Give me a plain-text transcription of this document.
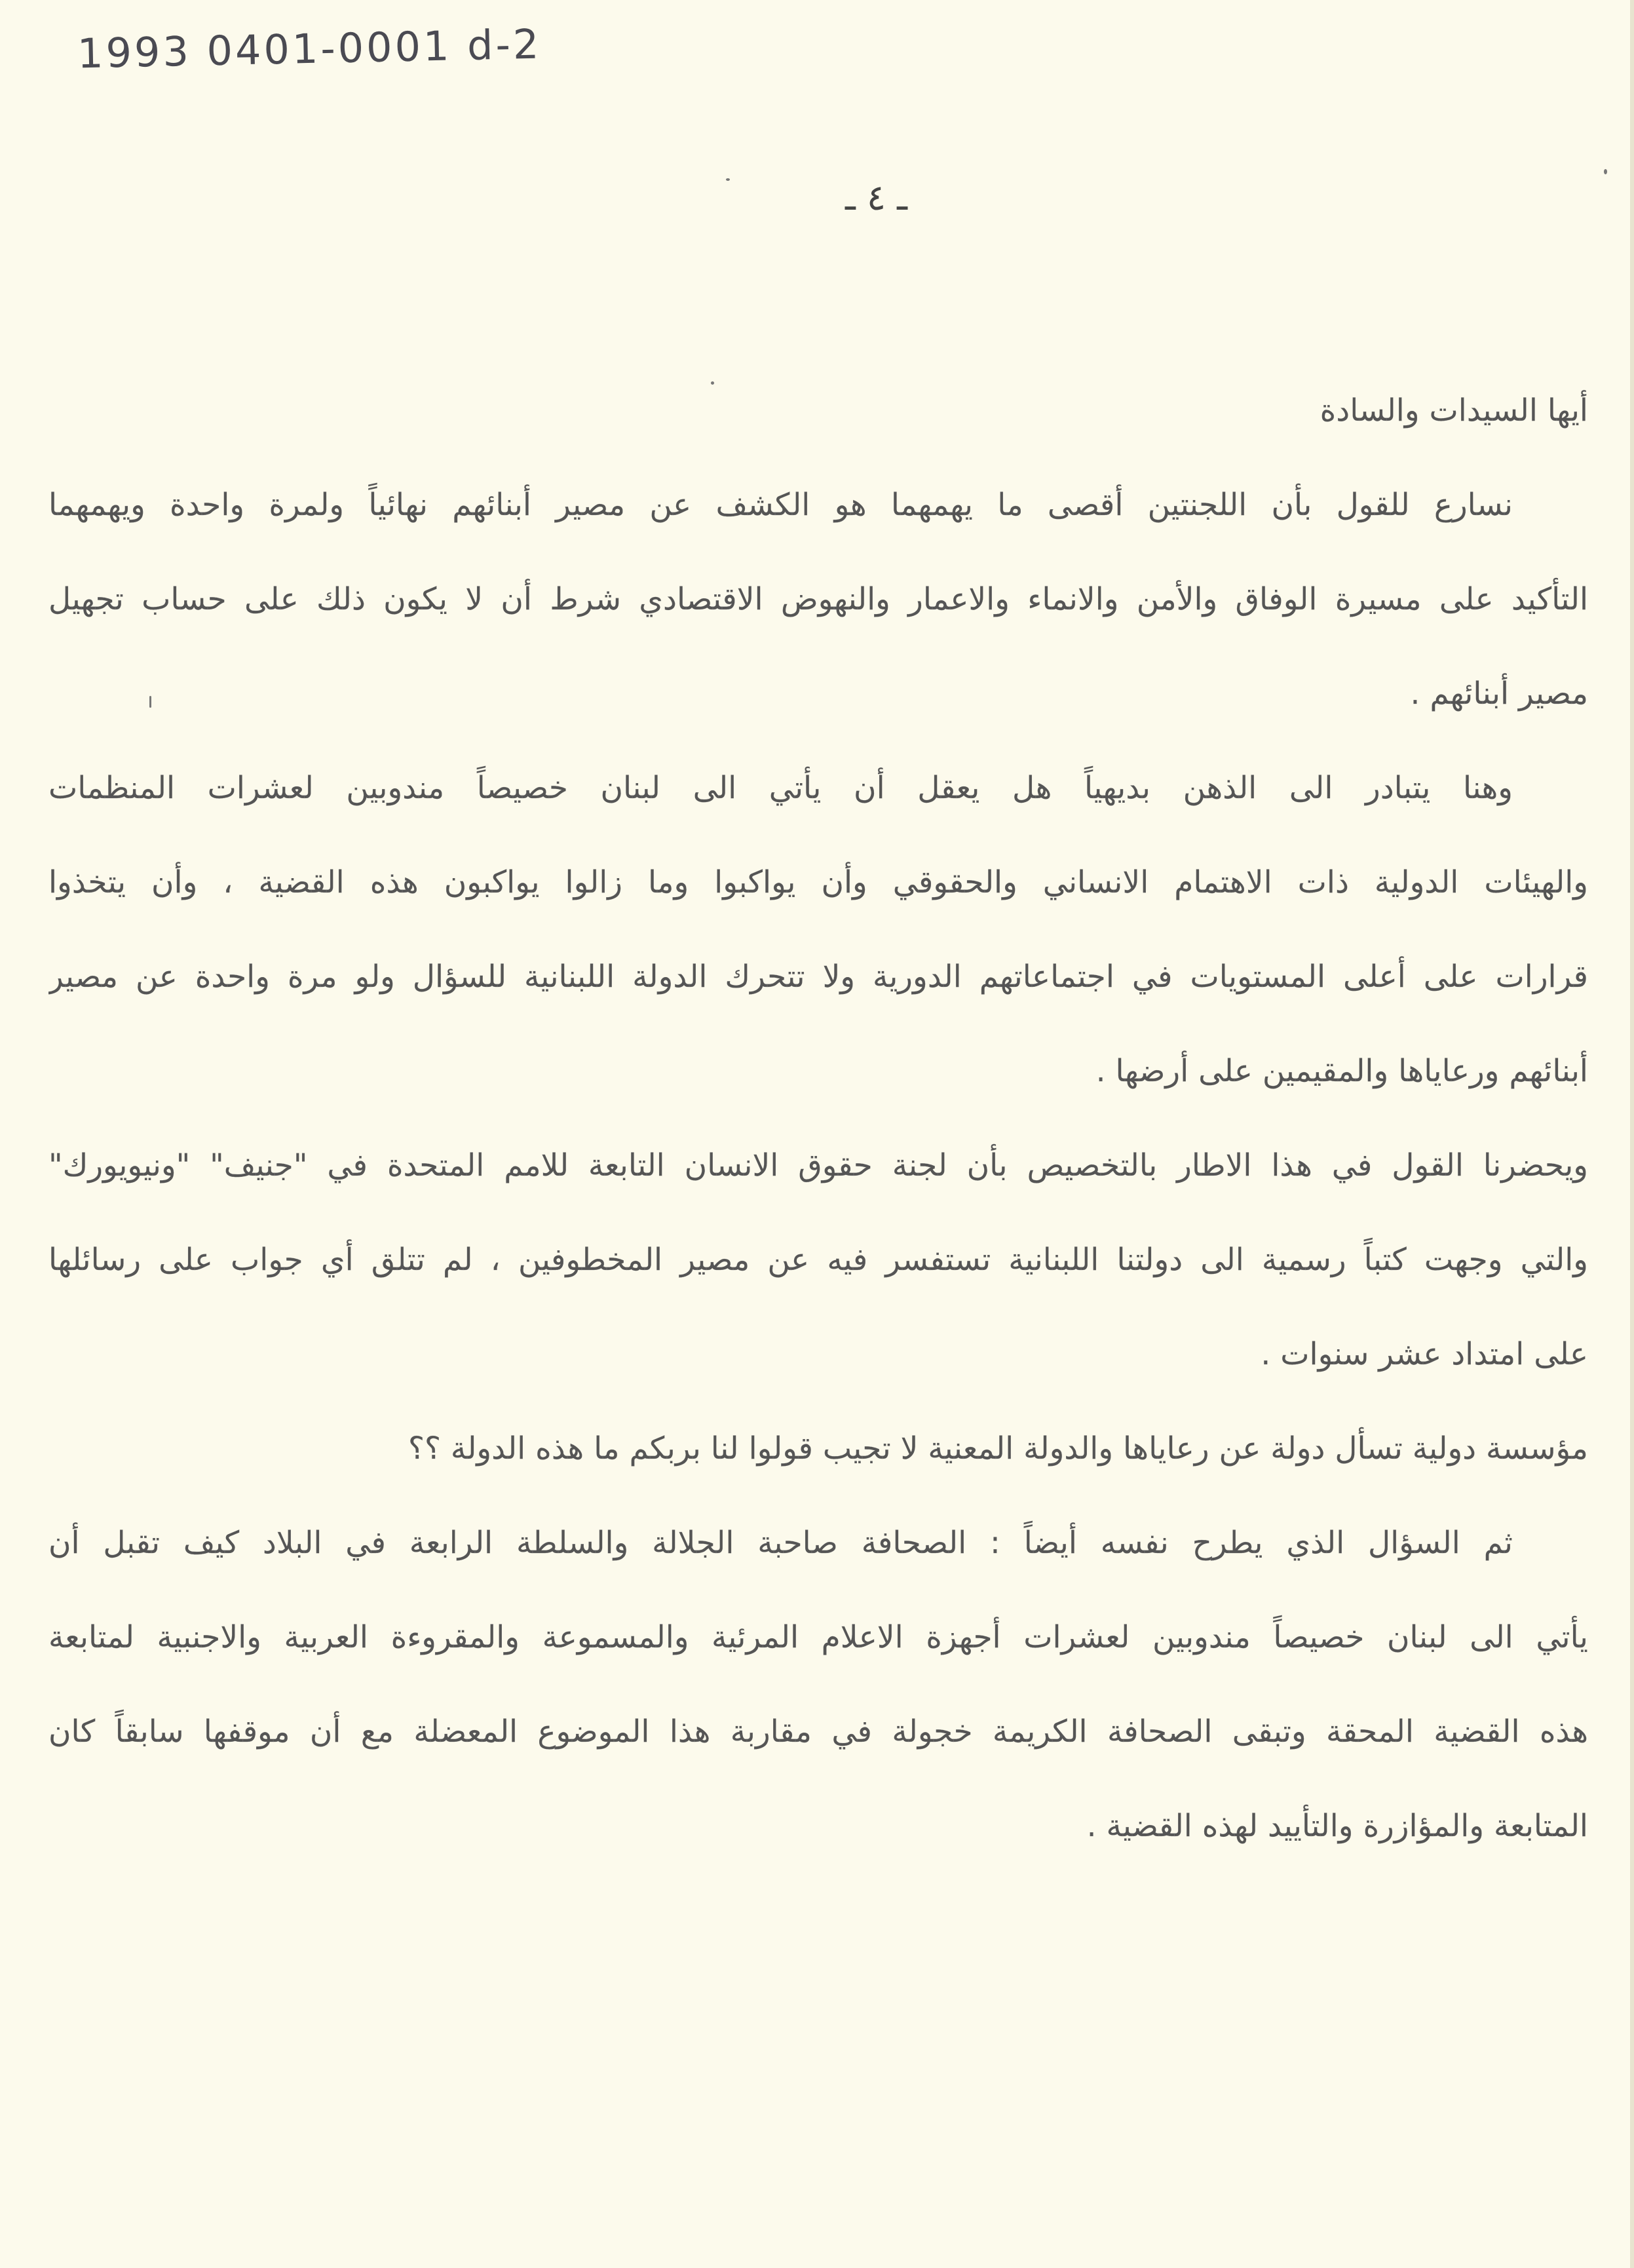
1993 0401-0001 d-2
ـ ٤ ـ
أيها السيدات والسادة
نسارع للقول بأن اللجنتين أقصى ما يهمهما هو الكشف عن مصير أبنائهم نهائياً ولمرة واحدة ويهمهما
التأكيد على مسيرة الوفاق والأمن والانماء والاعمار والنهوض الاقتصادي شرط أن لا يكون ذلك على حساب تجهيل
مصير أبنائهم .
وهنا يتبادر الى الذهن بديهياً هل يعقل أن يأتي الى لبنان خصيصاً مندوبين لعشرات المنظمات
والهيئات الدولية ذات الاهتمام الانساني والحقوقي وأن يواكبوا وما زالوا يواكبون هذه القضية ، وأن يتخذوا
قرارات على أعلى المستويات في اجتماعاتهم الدورية ولا تتحرك الدولة اللبنانية للسؤال ولو مرة واحدة عن مصير
أبنائهم ورعاياها والمقيمين على أرضها .
ويحضرنا القول في هذا الاطار بالتخصيص بأن لجنة حقوق الانسان التابعة للامم المتحدة في "جنيف" "ونيويورك"
والتي وجهت كتباً رسمية الى دولتنا اللبنانية تستفسر فيه عن مصير المخطوفين ، لم تتلق أي جواب على رسائلها
على امتداد عشر سنوات .
مؤسسة دولية تسأل دولة عن رعاياها والدولة المعنية لا تجيب قولوا لنا بربكم ما هذه الدولة ؟؟
ثم السؤال الذي يطرح نفسه أيضاً : الصحافة صاحبة الجلالة والسلطة الرابعة في البلاد كيف تقبل أن
يأتي الى لبنان خصيصاً مندوبين لعشرات أجهزة الاعلام المرئية والمسموعة والمقروءة العربية والاجنبية لمتابعة
هذه القضية المحقة وتبقى الصحافة الكريمة خجولة في مقاربة هذا الموضوع المعضلة مع أن موقفها سابقاً كان
المتابعة والمؤازرة والتأييد لهذه القضية .
